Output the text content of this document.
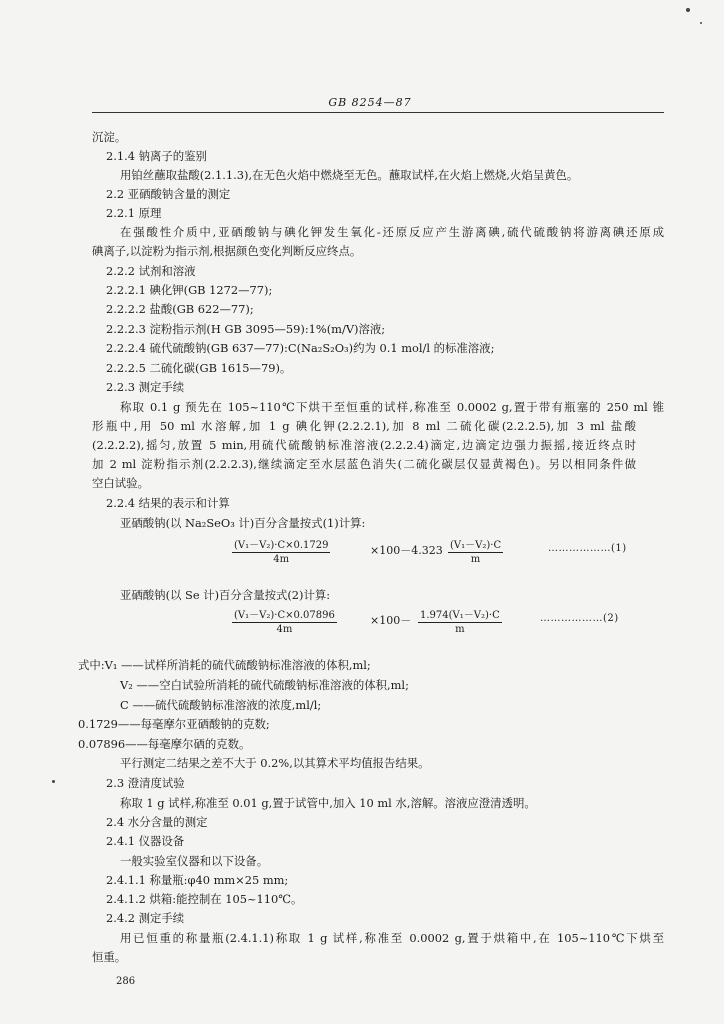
GB 8254—87
沉淀。
2.1.4 钠离子的鉴别
用铂丝蘸取盐酸(2.1.1.3),在无色火焰中燃烧至无色。蘸取试样,在火焰上燃烧,火焰呈黄色。
2.2 亚硒酸钠含量的测定
2.2.1 原理
在强酸性介质中,亚硒酸钠与碘化钾发生氧化-还原反应产生游离碘,硫代硫酸钠将游离碘还原成
碘离子,以淀粉为指示剂,根据颜色变化判断反应终点。
2.2.2 试剂和溶液
2.2.2.1 碘化钾(GB 1272—77);
2.2.2.2 盐酸(GB 622—77);
2.2.2.3 淀粉指示剂(H GB 3095—59):1%(m/V)溶液;
2.2.2.4 硫代硫酸钠(GB 637—77):C(Na₂S₂O₃)约为 0.1 mol/l 的标准溶液;
2.2.2.5 二硫化碳(GB 1615—79)。
2.2.3 测定手续
称取 0.1 g 预先在 105~110℃下烘干至恒重的试样,称准至 0.0002 g,置于带有瓶塞的 250 ml 锥
形瓶中,用 50 ml 水溶解,加 1 g 碘化钾(2.2.2.1),加 8 ml 二硫化碳(2.2.2.5),加 3 ml 盐酸
(2.2.2.2),摇匀,放置 5 min,用硫代硫酸钠标准溶液(2.2.2.4)滴定,边滴定边强力振摇,接近终点时
加 2 ml 淀粉指示剂(2.2.2.3),继续滴定至水层蓝色消失(二硫化碳层仅显黄褐色)。另以相同条件做
空白试验。
2.2.4 结果的表示和计算
亚硒酸钠(以 Na₂SeO₃ 计)百分含量按式(1)计算:
亚硒酸钠(以 Se 计)百分含量按式(2)计算:
式中:V₁ ——试样所消耗的硫代硫酸钠标准溶液的体积,ml;
V₂ ——空白试验所消耗的硫代硫酸钠标准溶液的体积,ml;
C ——硫代硫酸钠标准溶液的浓度,ml/l;
0.1729——每毫摩尔亚硒酸钠的克数;
0.07896——每毫摩尔硒的克数。
平行测定二结果之差不大于 0.2%,以其算术平均值报告结果。
2.3 澄清度试验
称取 1 g 试样,称准至 0.01 g,置于试管中,加入 10 ml 水,溶解。溶液应澄清透明。
2.4 水分含量的测定
2.4.1 仪器设备
一般实验室仪器和以下设备。
2.4.1.1 称量瓶:φ40 mm×25 mm;
2.4.1.2 烘箱:能控制在 105~110℃。
2.4.2 测定手续
用已恒重的称量瓶(2.4.1.1)称取 1 g 试样,称准至 0.0002 g,置于烘箱中,在 105~110℃下烘至
恒重。
$\frac{\text{(V₁－V₂)·C×0.1729}}{4m}$	$\times 100-4.323 \frac{\text{(V₁－V₂)·C}}{m}$	………………(1)
$\frac{\text{(V₁－V₂)·C×0.07896}}{4m}$	$\times 100- \frac{\text{1.974(V₁－V₂)·C}}{m}$	………………(2)
286
